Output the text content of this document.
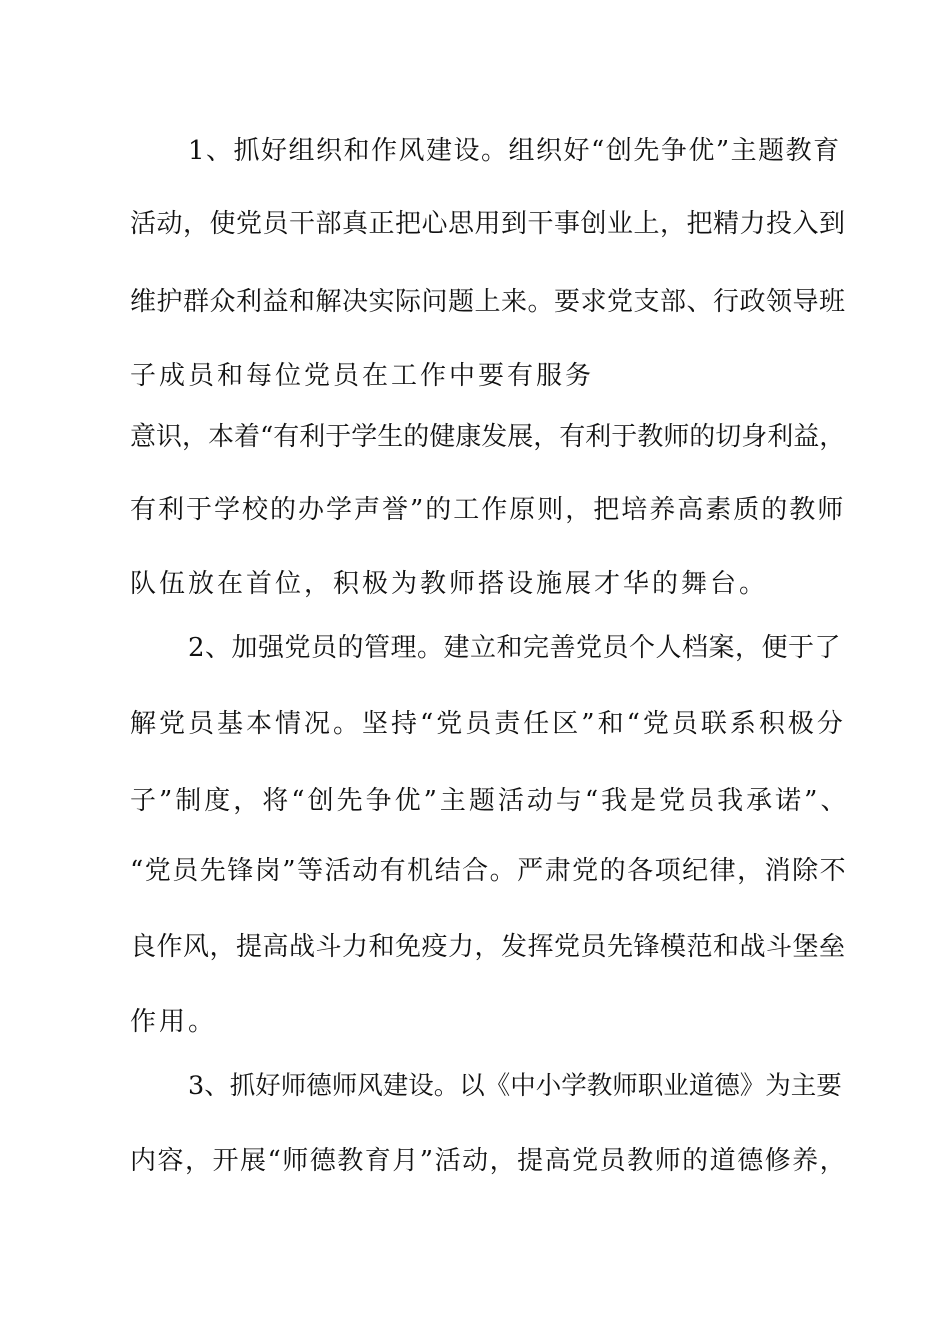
1、抓好组织和作风建设。组织好“创先争优”主题教育
活动，使党员干部真正把心思用到干事创业上，把精力投入到
维护群众利益和解决实际问题上来。要求党支部、行政领导班
子成员和每位党员在工作中要有服务
意识，本着“有利于学生的健康发展，有利于教师的切身利益，
有利于学校的办学声誉”的工作原则，把培养高素质的教师
队伍放在首位，积极为教师搭设施展才华的舞台。
2、加强党员的管理。建立和完善党员个人档案，便于了
解党员基本情况。坚持“党员责任区”和“党员联系积极分
子”制度，将“创先争优”主题活动与“我是党员我承诺”、
“党员先锋岗”等活动有机结合。严肃党的各项纪律，消除不
良作风，提高战斗力和免疫力，发挥党员先锋模范和战斗堡垒
作用。
3、抓好师德师风建设。以《中小学教师职业道德》为主要
内容，开展“师德教育月”活动，提高党员教师的道德修养，
